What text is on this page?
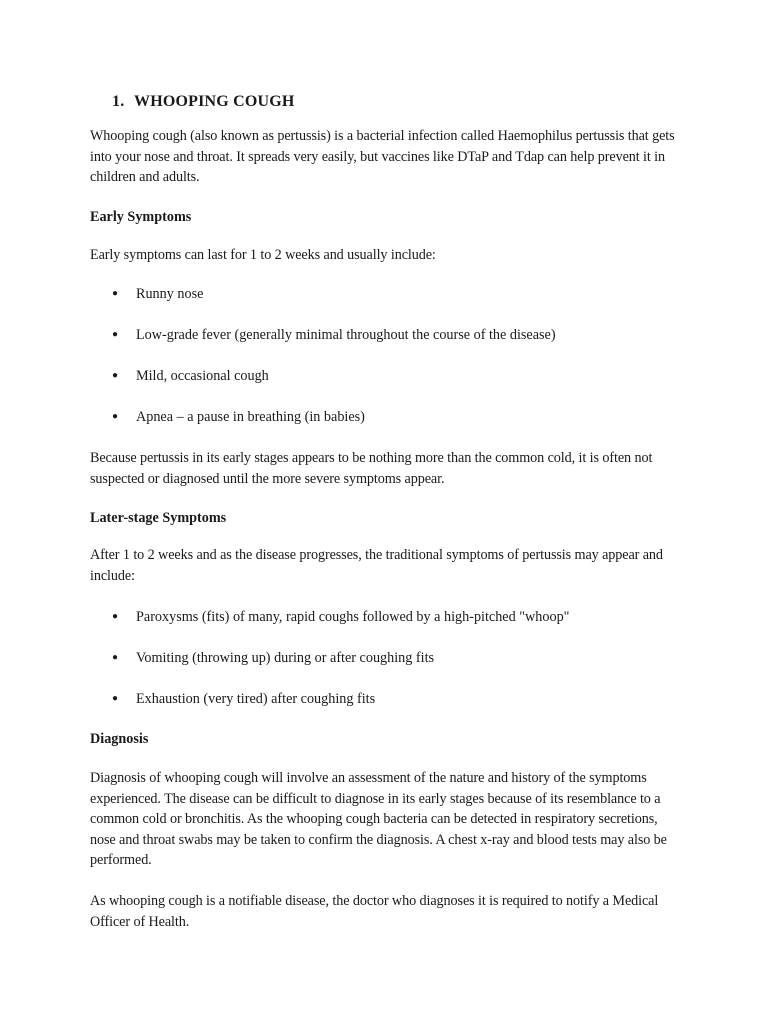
1. WHOOPING COUGH

Whooping cough (also known as pertussis) is a bacterial infection called Haemophilus pertussis that gets into your nose and throat. It spreads very easily, but vaccines like DTaP and Tdap can help prevent it in children and adults.

Early Symptoms

Early symptoms can last for 1 to 2 weeks and usually include:

● Runny nose
● Low-grade fever (generally minimal throughout the course of the disease)
● Mild, occasional cough
● Apnea – a pause in breathing (in babies)

Because pertussis in its early stages appears to be nothing more than the common cold, it is often not suspected or diagnosed until the more severe symptoms appear.

Later-stage Symptoms

After 1 to 2 weeks and as the disease progresses, the traditional symptoms of pertussis may appear and include:

● Paroxysms (fits) of many, rapid coughs followed by a high-pitched "whoop"
● Vomiting (throwing up) during or after coughing fits
● Exhaustion (very tired) after coughing fits
Diagnosis

Diagnosis of whooping cough will involve an assessment of the nature and history of the symptoms experienced. The disease can be difficult to diagnose in its early stages because of its resemblance to a common cold or bronchitis. As the whooping cough bacteria can be detected in respiratory secretions, nose and throat swabs may be taken to confirm the diagnosis. A chest x-ray and blood tests may also be performed.

As whooping cough is a notifiable disease, the doctor who diagnoses it is required to notify a Medical Officer of Health.
